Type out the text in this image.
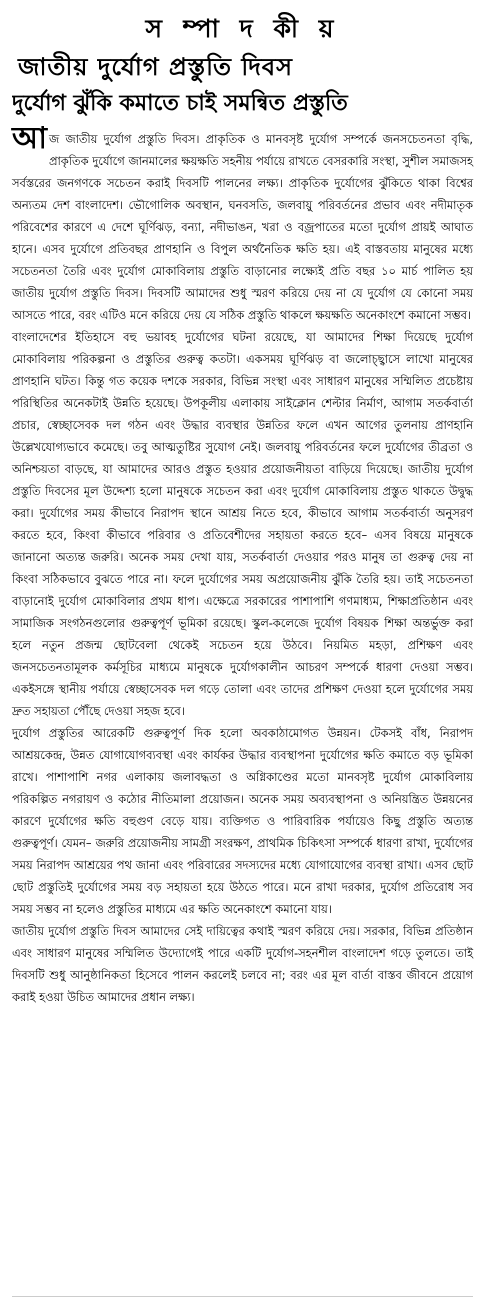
স ম্পা দ কী য়
জাতীয় দুর্যোগ প্রস্তুতি দিবস
দুর্যোগ ঝুঁকি কমাতে চাই সমন্বিত প্রস্তুতি

আজ জাতীয় দুর্যোগ প্রস্তুতি দিবস। প্রাকৃতিক ও মানবসৃষ্ট দুর্যোগ সম্পর্কে জনসচেতনতা বৃদ্ধি, প্রাকৃতিক দুর্যোগে জানমালের ক্ষয়ক্ষতি সহনীয় পর্যায়ে রাখতে বেসরকারি সংস্থা, সুশীল সমাজসহ সর্বস্তরের জনগণকে সচেতন করাই দিবসটি পালনের লক্ষ্য। প্রাকৃতিক দুর্যোগের ঝুঁকিতে থাকা বিশ্বের অন্যতম দেশ বাংলাদেশ। ভৌগোলিক অবস্থান, ঘনবসতি, জলবায়ু পরিবর্তনের প্রভাব এবং নদীমাতৃক পরিবেশের কারণে এ দেশে ঘূর্ণিঝড়, বন্যা, নদীভাঙন, খরা ও বজ্রপাতের মতো দুর্যোগ প্রায়ই আঘাত হানে। এসব দুর্যোগে প্রতিবছর প্রাণহানি ও বিপুল অর্থনৈতিক ক্ষতি হয়। এই বাস্তবতায় মানুষের মধ্যে সচেতনতা তৈরি এবং দুর্যোগ মোকাবিলায় প্রস্তুতি বাড়ানোর লক্ষ্যেই প্রতি বছর ১০ মার্চ পালিত হয় জাতীয় দুর্যোগ প্রস্তুতি দিবস। দিবসটি আমাদের শুধু স্মরণ করিয়ে দেয় না যে দুর্যোগ যে কোনো সময় আসতে পারে, বরং এটিও মনে করিয়ে দেয় যে সঠিক প্রস্তুতি থাকলে ক্ষয়ক্ষতি অনেকাংশে কমানো সম্ভব।

বাংলাদেশের ইতিহাসে বহু ভয়াবহ দুর্যোগের ঘটনা রয়েছে, যা আমাদের শিক্ষা দিয়েছে দুর্যোগ মোকাবিলায় পরিকল্পনা ও প্রস্তুতির গুরুত্ব কতটা। একসময় ঘূর্ণিঝড় বা জলোচ্ছ্বাসে লাখো মানুষের প্রাণহানি ঘটত। কিন্তু গত কয়েক দশকে সরকার, বিভিন্ন সংস্থা এবং সাধারণ মানুষের সম্মিলিত প্রচেষ্টায় পরিস্থিতির অনেকটাই উন্নতি হয়েছে। উপকূলীয় এলাকায় সাইক্লোন শেল্টার নির্মাণ, আগাম সতর্কবার্তা প্রচার, স্বেচ্ছাসেবক দল গঠন এবং উদ্ধার ব্যবস্থার উন্নতির ফলে এখন আগের তুলনায় প্রাণহানি উল্লেখযোগ্যভাবে কমেছে। তবু আত্মতুষ্টির সুযোগ নেই। জলবায়ু পরিবর্তনের ফলে দুর্যোগের তীব্রতা ও অনিশ্চয়তা বাড়ছে, যা আমাদের আরও প্রস্তুত হওয়ার প্রয়োজনীয়তা বাড়িয়ে দিয়েছে। জাতীয় দুর্যোগ প্রস্তুতি দিবসের মূল উদ্দেশ্য হলো মানুষকে সচেতন করা এবং দুর্যোগ মোকাবিলায় প্রস্তুত থাকতে উদ্বুদ্ধ করা। দুর্যোগের সময় কীভাবে নিরাপদ স্থানে আশ্রয় নিতে হবে, কীভাবে আগাম সতর্কবার্তা অনুসরণ করতে হবে, কিংবা কীভাবে পরিবার ও প্রতিবেশীদের সহায়তা করতে হবে– এসব বিষয়ে মানুষকে জানানো অত্যন্ত জরুরি। অনেক সময় দেখা যায়, সতর্কবার্তা দেওয়ার পরও মানুষ তা গুরুত্ব দেয় না কিংবা সঠিকভাবে বুঝতে পারে না। ফলে দুর্যোগের সময় অপ্রয়োজনীয় ঝুঁকি তৈরি হয়। তাই সচেতনতা বাড়ানোই দুর্যোগ মোকাবিলার প্রথম ধাপ। এক্ষেত্রে সরকারের পাশাপাশি গণমাধ্যম, শিক্ষাপ্রতিষ্ঠান এবং সামাজিক সংগঠনগুলোর গুরুত্বপূর্ণ ভূমিকা রয়েছে। স্কুল-কলেজে দুর্যোগ বিষয়ক শিক্ষা অন্তর্ভুক্ত করা হলে নতুন প্রজন্ম ছোটবেলা থেকেই সচেতন হয়ে উঠবে। নিয়মিত মহড়া, প্রশিক্ষণ এবং জনসচেতনতামূলক কর্মসূচির মাধ্যমে মানুষকে দুর্যোগকালীন আচরণ সম্পর্কে ধারণা দেওয়া সম্ভব। একইসঙ্গে স্থানীয় পর্যায়ে স্বেচ্ছাসেবক দল গড়ে তোলা এবং তাদের প্রশিক্ষণ দেওয়া হলে দুর্যোগের সময় দ্রুত সহায়তা পৌঁছে দেওয়া সহজ হবে।

দুর্যোগ প্রস্তুতির আরেকটি গুরুত্বপূর্ণ দিক হলো অবকাঠামোগত উন্নয়ন। টেকসই বাঁধ, নিরাপদ আশ্রয়কেন্দ্র, উন্নত যোগাযোগব্যবস্থা এবং কার্যকর উদ্ধার ব্যবস্থাপনা দুর্যোগের ক্ষতি কমাতে বড় ভূমিকা রাখে। পাশাপাশি নগর এলাকায় জলাবদ্ধতা ও অগ্নিকাণ্ডের মতো মানবসৃষ্ট দুর্যোগ মোকাবিলায় পরিকল্পিত নগরায়ণ ও কঠোর নীতিমালা প্রয়োজন। অনেক সময় অব্যবস্থাপনা ও অনিয়ন্ত্রিত উন্নয়নের কারণে দুর্যোগের ক্ষতি বহুগুণ বেড়ে যায়। ব্যক্তিগত ও পারিবারিক পর্যায়েও কিছু প্রস্তুতি অত্যন্ত গুরুত্বপূর্ণ। যেমন– জরুরি প্রয়োজনীয় সামগ্রী সংরক্ষণ, প্রাথমিক চিকিৎসা সম্পর্কে ধারণা রাখা, দুর্যোগের সময় নিরাপদ আশ্রয়ের পথ জানা এবং পরিবারের সদস্যদের মধ্যে যোগাযোগের ব্যবস্থা রাখা। এসব ছোট ছোট প্রস্তুতিই দুর্যোগের সময় বড় সহায়তা হয়ে উঠতে পারে। মনে রাখা দরকার, দুর্যোগ প্রতিরোধ সব সময় সম্ভব না হলেও প্রস্তুতির মাধ্যমে এর ক্ষতি অনেকাংশে কমানো যায়।

জাতীয় দুর্যোগ প্রস্তুতি দিবস আমাদের সেই দায়িত্বের কথাই স্মরণ করিয়ে দেয়। সরকার, বিভিন্ন প্রতিষ্ঠান এবং সাধারণ মানুষের সম্মিলিত উদ্যোগেই পারে একটি দুর্যোগ-সহনশীল বাংলাদেশ গড়ে তুলতে। তাই দিবসটি শুধু আনুষ্ঠানিকতা হিসেবে পালন করলেই চলবে না; বরং এর মূল বার্তা বাস্তব জীবনে প্রয়োগ করাই হওয়া উচিত আমাদের প্রধান লক্ষ্য।
